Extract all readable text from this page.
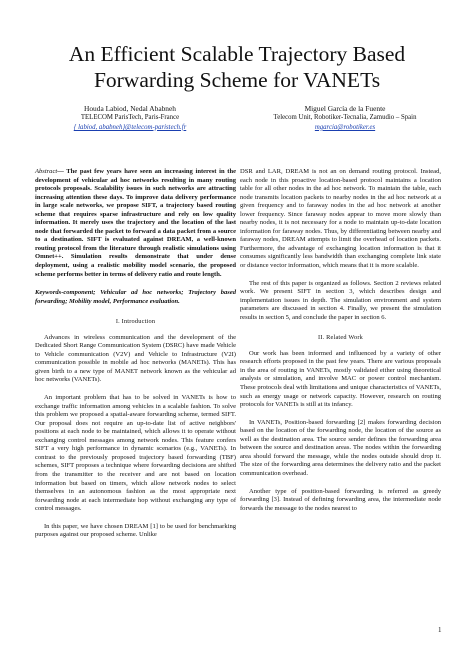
An Efficient Scalable Trajectory Based Forwarding Scheme for VANETs
Houda Labiod, Nedal Ababneh
TELECOM ParisTech, Paris-France
{ labiod, ababneh}@telecom-paristech.fr
Miguel García de la Fuente
Telecom Unit, Robotiker-Tecnalia, Zamudio – Spain
mgarcia@robotiker.es

Abstract— The past few years have seen an increasing interest in the development of vehicular ad hoc networks resulting in many routing protocols proposals. Scalability issues in such networks are attracting increasing attention these days. To improve data delivery performance in large scale networks, we propose SIFT, a trajectory based routing scheme that requires sparse infrastructure and rely on low quality information. It merely uses the trajectory and the location of the last node that forwarded the packet to forward a data packet from a source to a destination. SIFT is evaluated against DREAM, a well-known routing protocol from the literature through realistic simulations using Omnet++. Simulation results demonstrate that under dense deployment, using a realistic mobility model scenario, the proposed scheme performs better in terms of delivery ratio and route length.

Keywords-component; Vehicular ad hoc networks; Trajectory based forwarding; Mobility model, Performance evaluation.

I. Introduction

Advances in wireless communication and the development of the Dedicated Short Range Communication System (DSRC) have made Vehicle to Vehicle communication (V2V) and Vehicle to Infrastructure (V2I) communication possible in mobile ad hoc networks (MANETs). This has given birth to a new type of MANET network known as the vehicular ad hoc networks (VANETs).

An important problem that has to be solved in VANETs is how to exchange traffic information among vehicles in a scalable fashion. To solve this problem we proposed a spatial-aware forwarding scheme, termed SIFT. Our proposal does not require an up-to-date list of active neighbors' positions at each node to be maintained, which allows it to operate without exchanging control messages among network nodes. This feature confers SIFT a very high performance in dynamic scenarios (e.g., VANETs). In contrast to the previously proposed trajectory based forwarding (TBF) schemes, SIFT proposes a technique where forwarding decisions are shifted from the transmitter to the receiver and are not based on location information but based on timers, which allow network nodes to select themselves in an autonomous fashion as the most appropriate next forwarding node at each intermediate hop without exchanging any type of control messages.

In this paper, we have chosen DREAM [1] to be used for benchmarking purposes against our proposed scheme. Unlike

DSR and LAR, DREAM is not an on demand routing protocol. Instead, each node in this proactive location-based protocol maintains a location table for all other nodes in the ad hoc network. To maintain the table, each node transmits location packets to nearby nodes in the ad hoc network at a given frequency and to faraway nodes in the ad hoc network at another lower frequency. Since faraway nodes appear to move more slowly than nearby nodes, it is not necessary for a node to maintain up-to-date location information for faraway nodes. Thus, by differentiating between nearby and faraway nodes, DREAM attempts to limit the overhead of location packets. Furthermore, the advantage of exchanging location information is that it consumes significantly less bandwidth than exchanging complete link state or distance vector information, which means that it is more scalable.

The rest of this paper is organized as follows. Section 2 reviews related work. We present SIFT in section 3, which describes design and implementation issues in depth. The simulation environment and system parameters are discussed in section 4. Finally, we present the simulation results in section 5, and conclude the paper in section 6.

II. Related Work

Our work has been informed and influenced by a variety of other research efforts proposed in the past few years. There are various proposals in the area of routing in VANETs, mostly validated either using theoretical analysis or simulation, and involve MAC or power control mechanism. These protocols deal with limitations and unique characteristics of VANETs, such as energy usage or network capacity. However, research on routing protocols for VANETs is still at its infancy.

In VANETs, Position-based forwarding [2] makes forwarding decision based on the location of the forwarding node, the location of the source as well as the destination area. The source sender defines the forwarding area between the source and destination areas. The nodes within the forwarding area should forward the message, while the nodes outside should drop it. The size of the forwarding area determines the delivery ratio and the packet communication overhead.

Another type of position-based forwarding is referred as greedy forwarding [3]. Instead of defining forwarding area, the intermediate node forwards the message to the nodes nearest to

1
